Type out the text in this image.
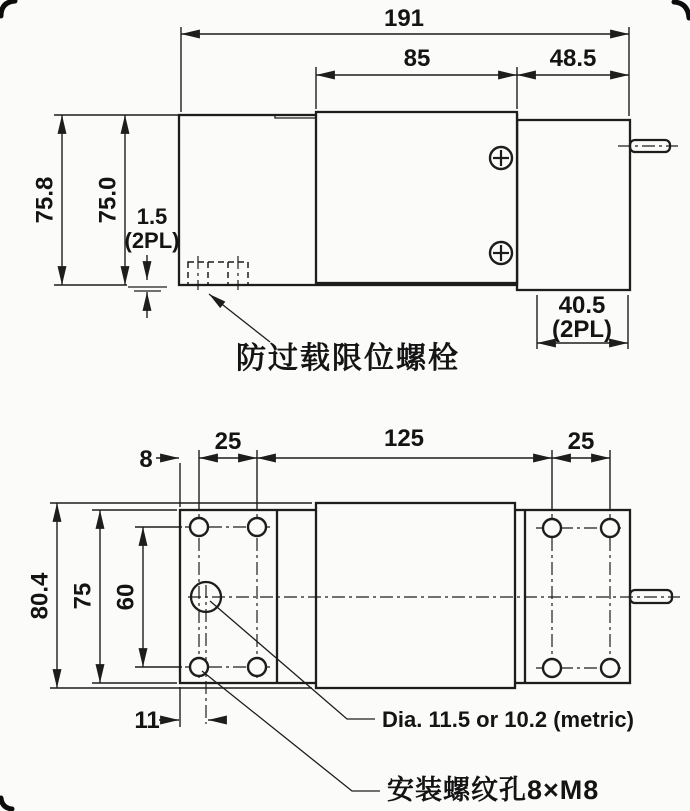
191
85	48.5
75.8 75.0 1.5
(2PL)
40.5
(2PL)
防过载限位螺栓
8
25	125	25
80.4 75 60
11	Dia. 11.5 or 10.2 (metric)
安装螺纹孔8×M8
